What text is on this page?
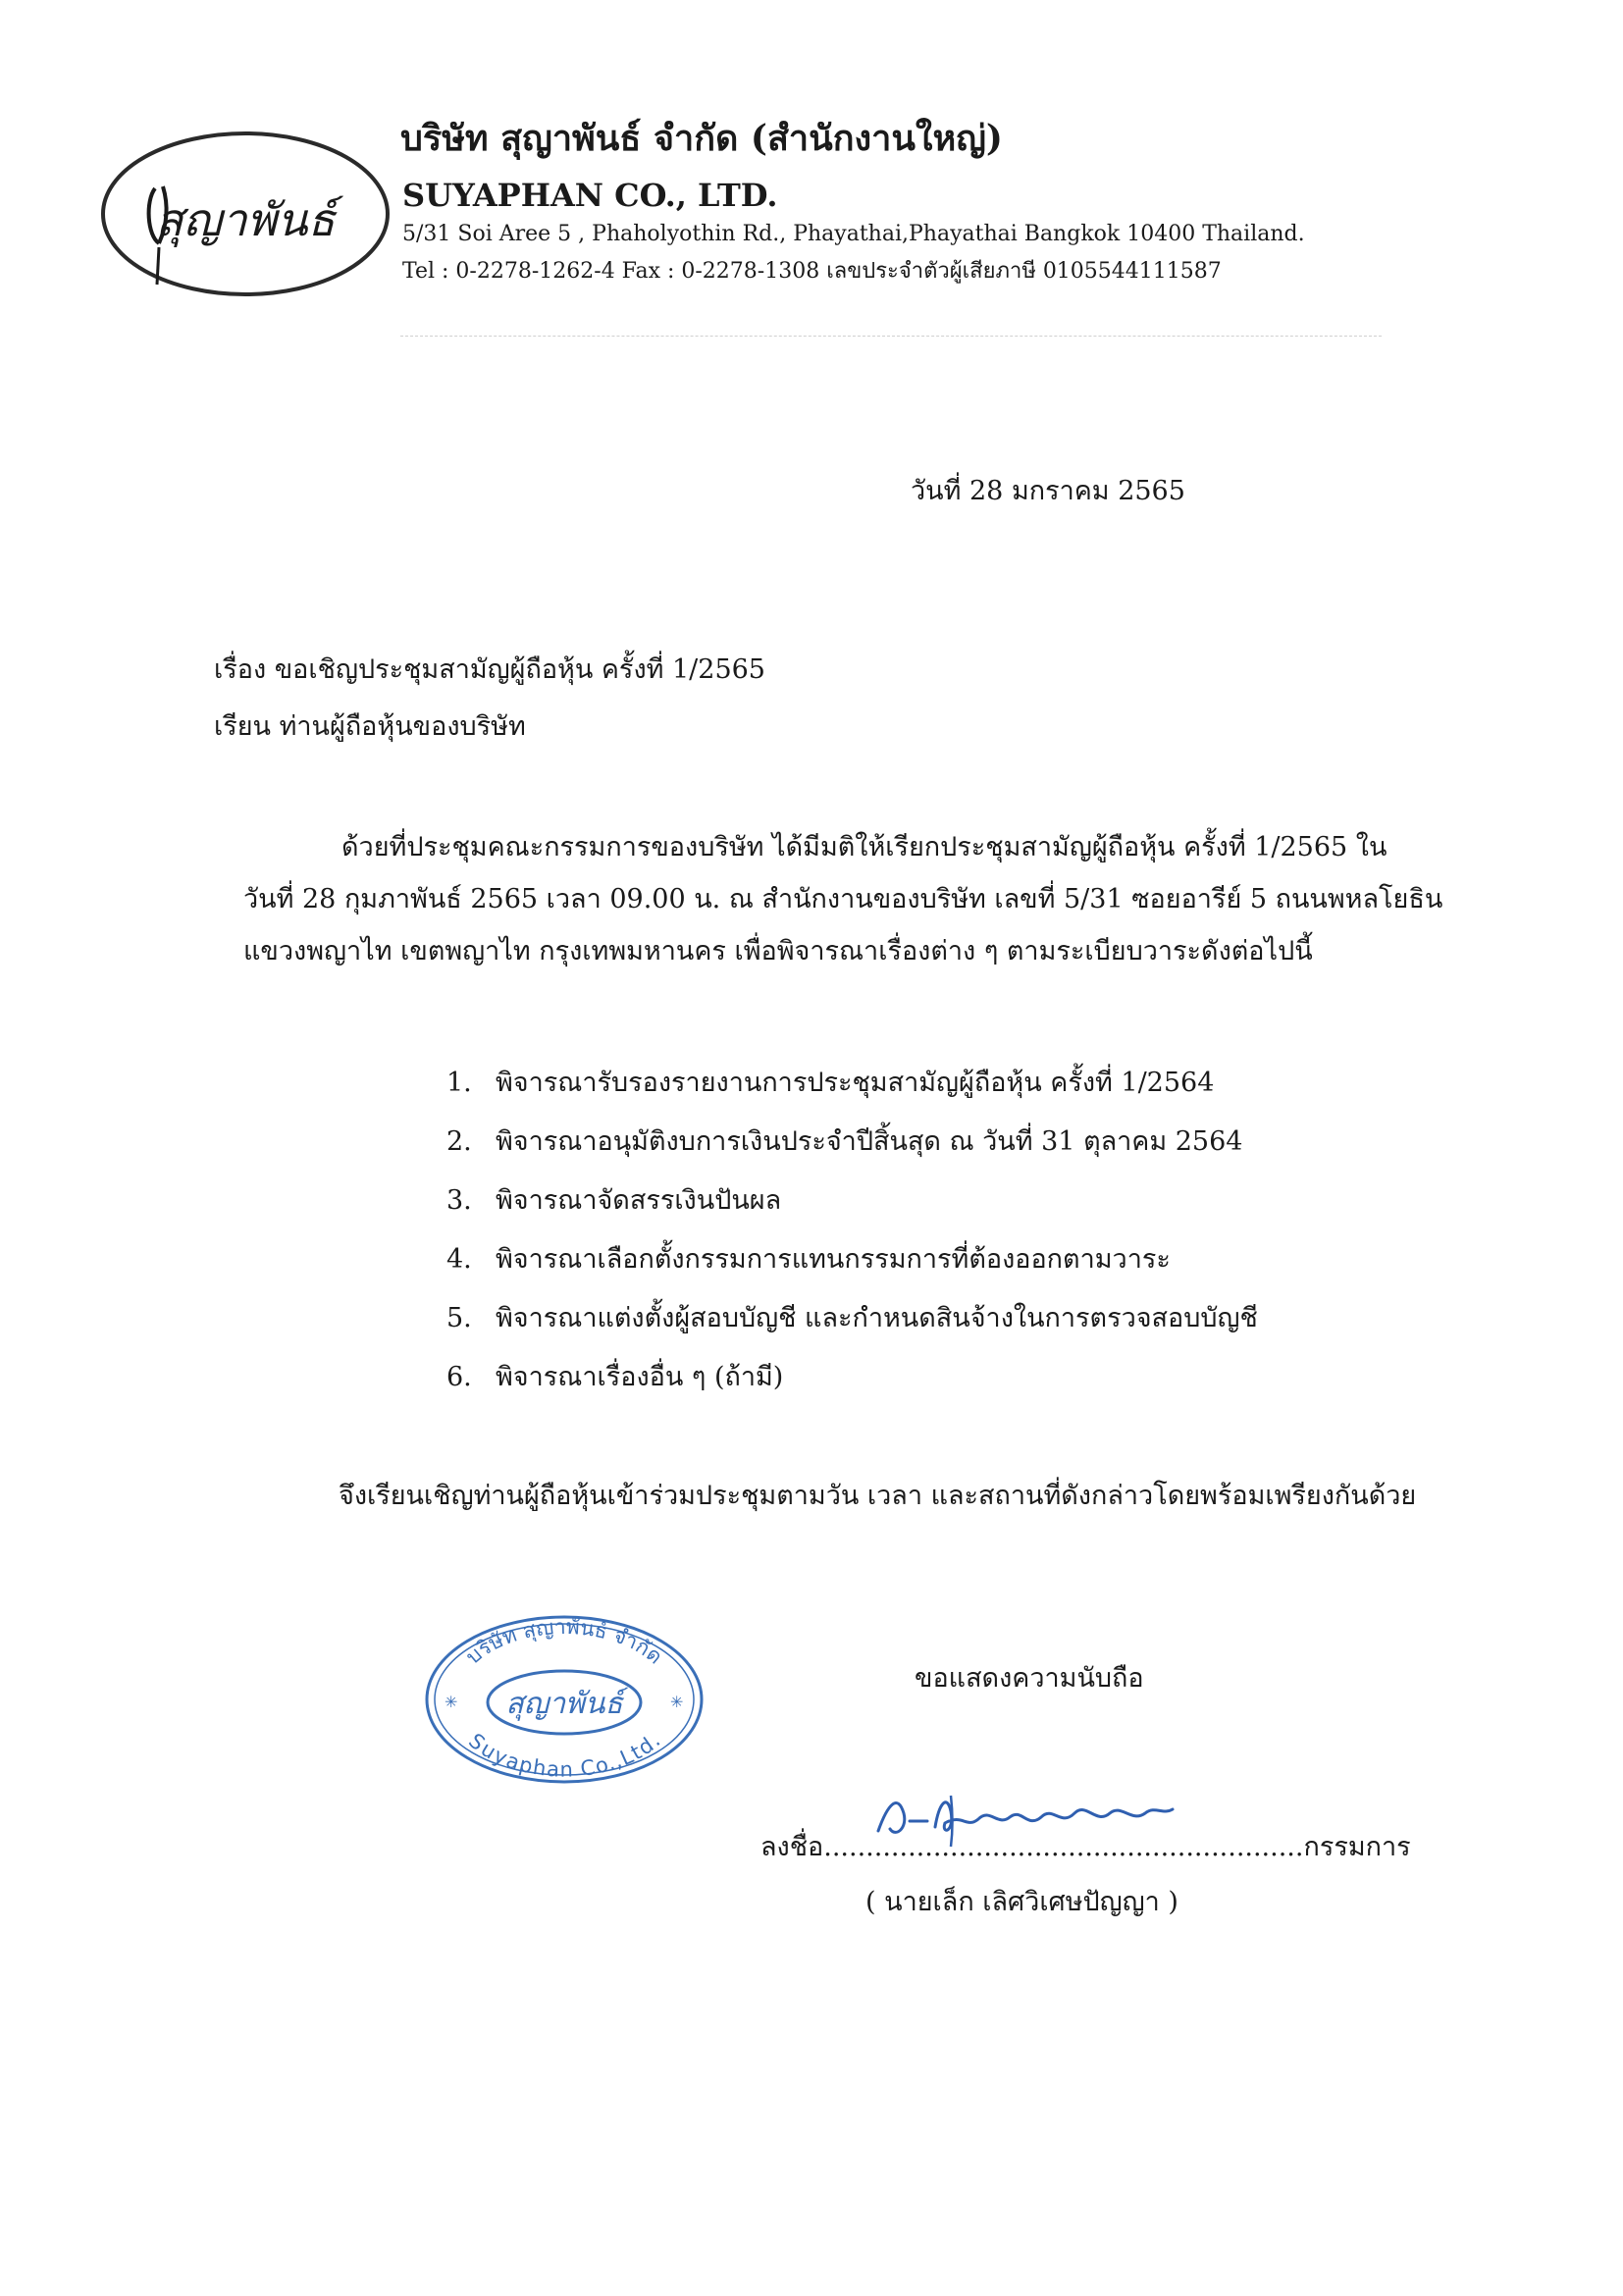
สุญาพันธ์
บริษัท สุญาพันธ์ จำกัด (สำนักงานใหญ่)
SUYAPHAN CO., LTD.
5/31 Soi Aree 5 , Phaholyothin Rd., Phayathai,Phayathai Bangkok 10400 Thailand.
Tel : 0-2278-1262-4 Fax : 0-2278-1308 เลขประจำตัวผู้เสียภาษี 0105544111587
วันที่ 28 มกราคม 2565
เรื่อง ขอเชิญประชุมสามัญผู้ถือหุ้น ครั้งที่ 1/2565
เรียน ท่านผู้ถือหุ้นของบริษัท
ด้วยที่ประชุมคณะกรรมการของบริษัท ได้มีมติให้เรียกประชุมสามัญผู้ถือหุ้น ครั้งที่ 1/2565 ใน
วันที่ 28 กุมภาพันธ์ 2565 เวลา 09.00 น. ณ สำนักงานของบริษัท เลขที่ 5/31 ซอยอารีย์ 5 ถนนพหลโยธิน
แขวงพญาไท เขตพญาไท กรุงเทพมหานคร เพื่อพิจารณาเรื่องต่าง ๆ ตามระเบียบวาระดังต่อไปนี้
1. พิจารณารับรองรายงานการประชุมสามัญผู้ถือหุ้น ครั้งที่ 1/2564
2. พิจารณาอนุมัติงบการเงินประจำปีสิ้นสุด ณ วันที่ 31 ตุลาคม 2564
3. พิจารณาจัดสรรเงินปันผล
4. พิจารณาเลือกตั้งกรรมการแทนกรรมการที่ต้องออกตามวาระ
5. พิจารณาแต่งตั้งผู้สอบบัญชี และกำหนดสินจ้างในการตรวจสอบบัญชี
6. พิจารณาเรื่องอื่น ๆ (ถ้ามี)
จึงเรียนเชิญท่านผู้ถือหุ้นเข้าร่วมประชุมตามวัน เวลา และสถานที่ดังกล่าวโดยพร้อมเพรียงกันด้วย
บริษัท สุญาพันธ์ จำกัด
สุญาพันธ์
Suyaphan Co.,Ltd.
✳	✳
ขอแสดงความนับถือ
ลงชื่อ.........................................................กรรมการ
( นายเล็ก เลิศวิเศษปัญญา )
